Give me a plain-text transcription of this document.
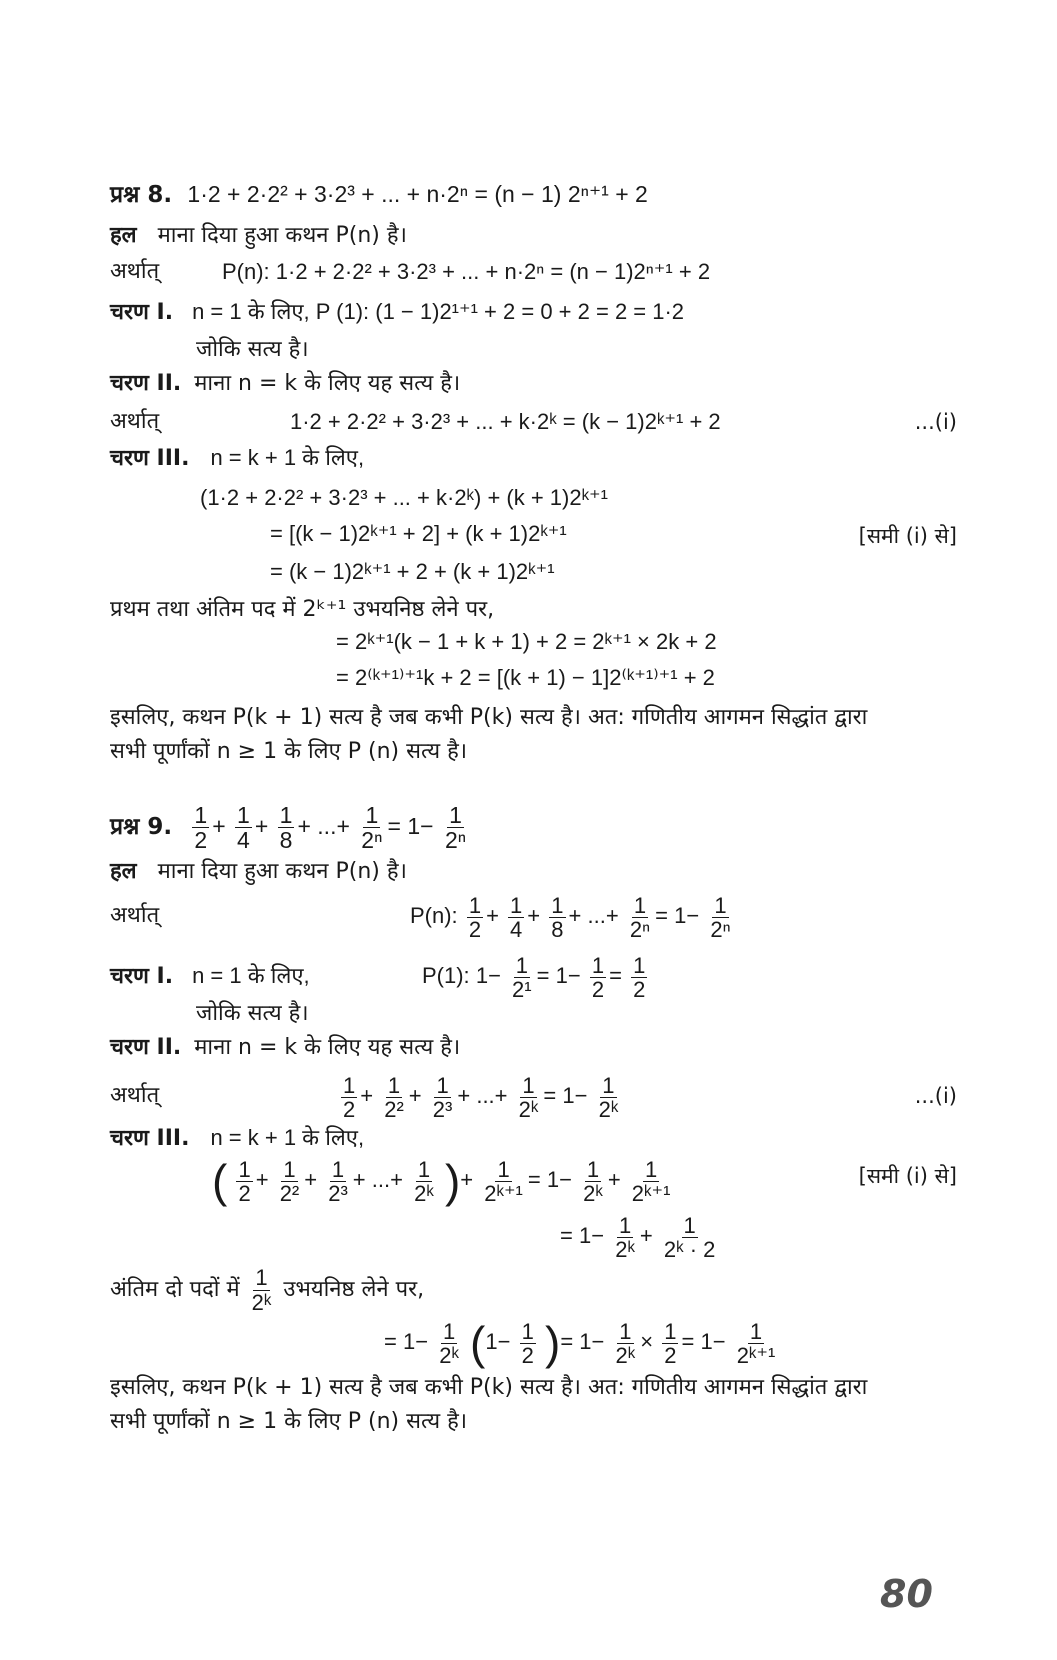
प्रश्न 8. 1·2 + 2·2² + 3·2³ + ... + n·2ⁿ = (n − 1) 2ⁿ⁺¹ + 2
हल माना दिया हुआ कथन P(n) है।
अर्थात्	P(n): 1·2 + 2·2² + 3·2³ + ... + n·2ⁿ = (n − 1)2ⁿ⁺¹ + 2
चरण I. n = 1 के लिए, P (1): (1 − 1)2¹⁺¹ + 2 = 0 + 2 = 2 = 1·2
जोकि सत्य है।
चरण II. माना n = k के लिए यह सत्य है।
अर्थात्	1·2 + 2·2² + 3·2³ + ... + k·2ᵏ = (k − 1)2ᵏ⁺¹ + 2	...(i)
चरण III. n = k + 1 के लिए,
(1·2 + 2·2² + 3·2³ + ... + k·2ᵏ) + (k + 1)2ᵏ⁺¹
= [(k − 1)2ᵏ⁺¹ + 2] + (k + 1)2ᵏ⁺¹	[समी (i) से]
= (k − 1)2ᵏ⁺¹ + 2 + (k + 1)2ᵏ⁺¹
प्रथम तथा अंतिम पद में 2ᵏ⁺¹ उभयनिष्ठ लेने पर,
= 2ᵏ⁺¹(k − 1 + k + 1) + 2 = 2ᵏ⁺¹ × 2k + 2
= 2⁽ᵏ⁺¹⁾⁺¹k + 2 = [(k + 1) − 1]2⁽ᵏ⁺¹⁾⁺¹ + 2
इसलिए, कथन P(k + 1) सत्य है जब कभी P(k) सत्य है। अत: गणितीय आगमन सिद्धांत द्वारा
सभी पूर्णांकों n ≥ 1 के लिए P (n) सत्य है।
प्रश्न 9. $\frac{1}{2} + \frac{1}{4} + \frac{1}{8}$ + ...+ $\frac{1}{\text{2ⁿ}} = 1- \frac{1}{\text{2ⁿ}}$
हल माना दिया हुआ कथन P(n) है।
अर्थात्	P(n): $\frac{1}{2} + \frac{1}{4} + \frac{1}{8}$ + ...+ $\frac{1}{\text{2ⁿ}} = 1- \frac{1}{\text{2ⁿ}}$
चरण I. n = 1 के लिए,	P(1): $1- \frac{1}{\text{2¹}} = 1- \frac{1}{2} = \frac{1}{2}$
जोकि सत्य है।
चरण II. माना n = k के लिए यह सत्य है।
अर्थात्	$\frac{1}{2} + \frac{1}{\text{2²}} + \frac{1}{\text{2³}}$ + ...+ $\frac{1}{\text{2ᵏ}} = 1- \frac{1}{\text{2ᵏ}}$	...(i)
चरण III. n = k + 1 के लिए,
( $\frac{1}{2} + \frac{1}{\text{2²}} + \frac{1}{\text{2³}}$ + ...+ $\frac{1}{\text{2ᵏ}}$ )+ $\frac{1}{\text{2ᵏ⁺¹}} = 1- \frac{1}{\text{2ᵏ}} + \frac{1}{\text{2ᵏ⁺¹}}$	[समी (i) से]
= $1- \frac{1}{\text{2ᵏ}} + \frac{1}{\text{2ᵏ · 2}}$
अंतिम दो पदों में $\frac{1}{\text{2ᵏ}}$ उभयनिष्ठ लेने पर,
= $1- \frac{1}{\text{2ᵏ}} (1- \frac{1}{2}$ )= $1- \frac{1}{\text{2ᵏ}} \times \frac{1}{2} = 1- \frac{1}{\text{2ᵏ⁺¹}}$
इसलिए, कथन P(k + 1) सत्य है जब कभी P(k) सत्य है। अत: गणितीय आगमन सिद्धांत द्वारा
सभी पूर्णांकों n ≥ 1 के लिए P (n) सत्य है।
80
